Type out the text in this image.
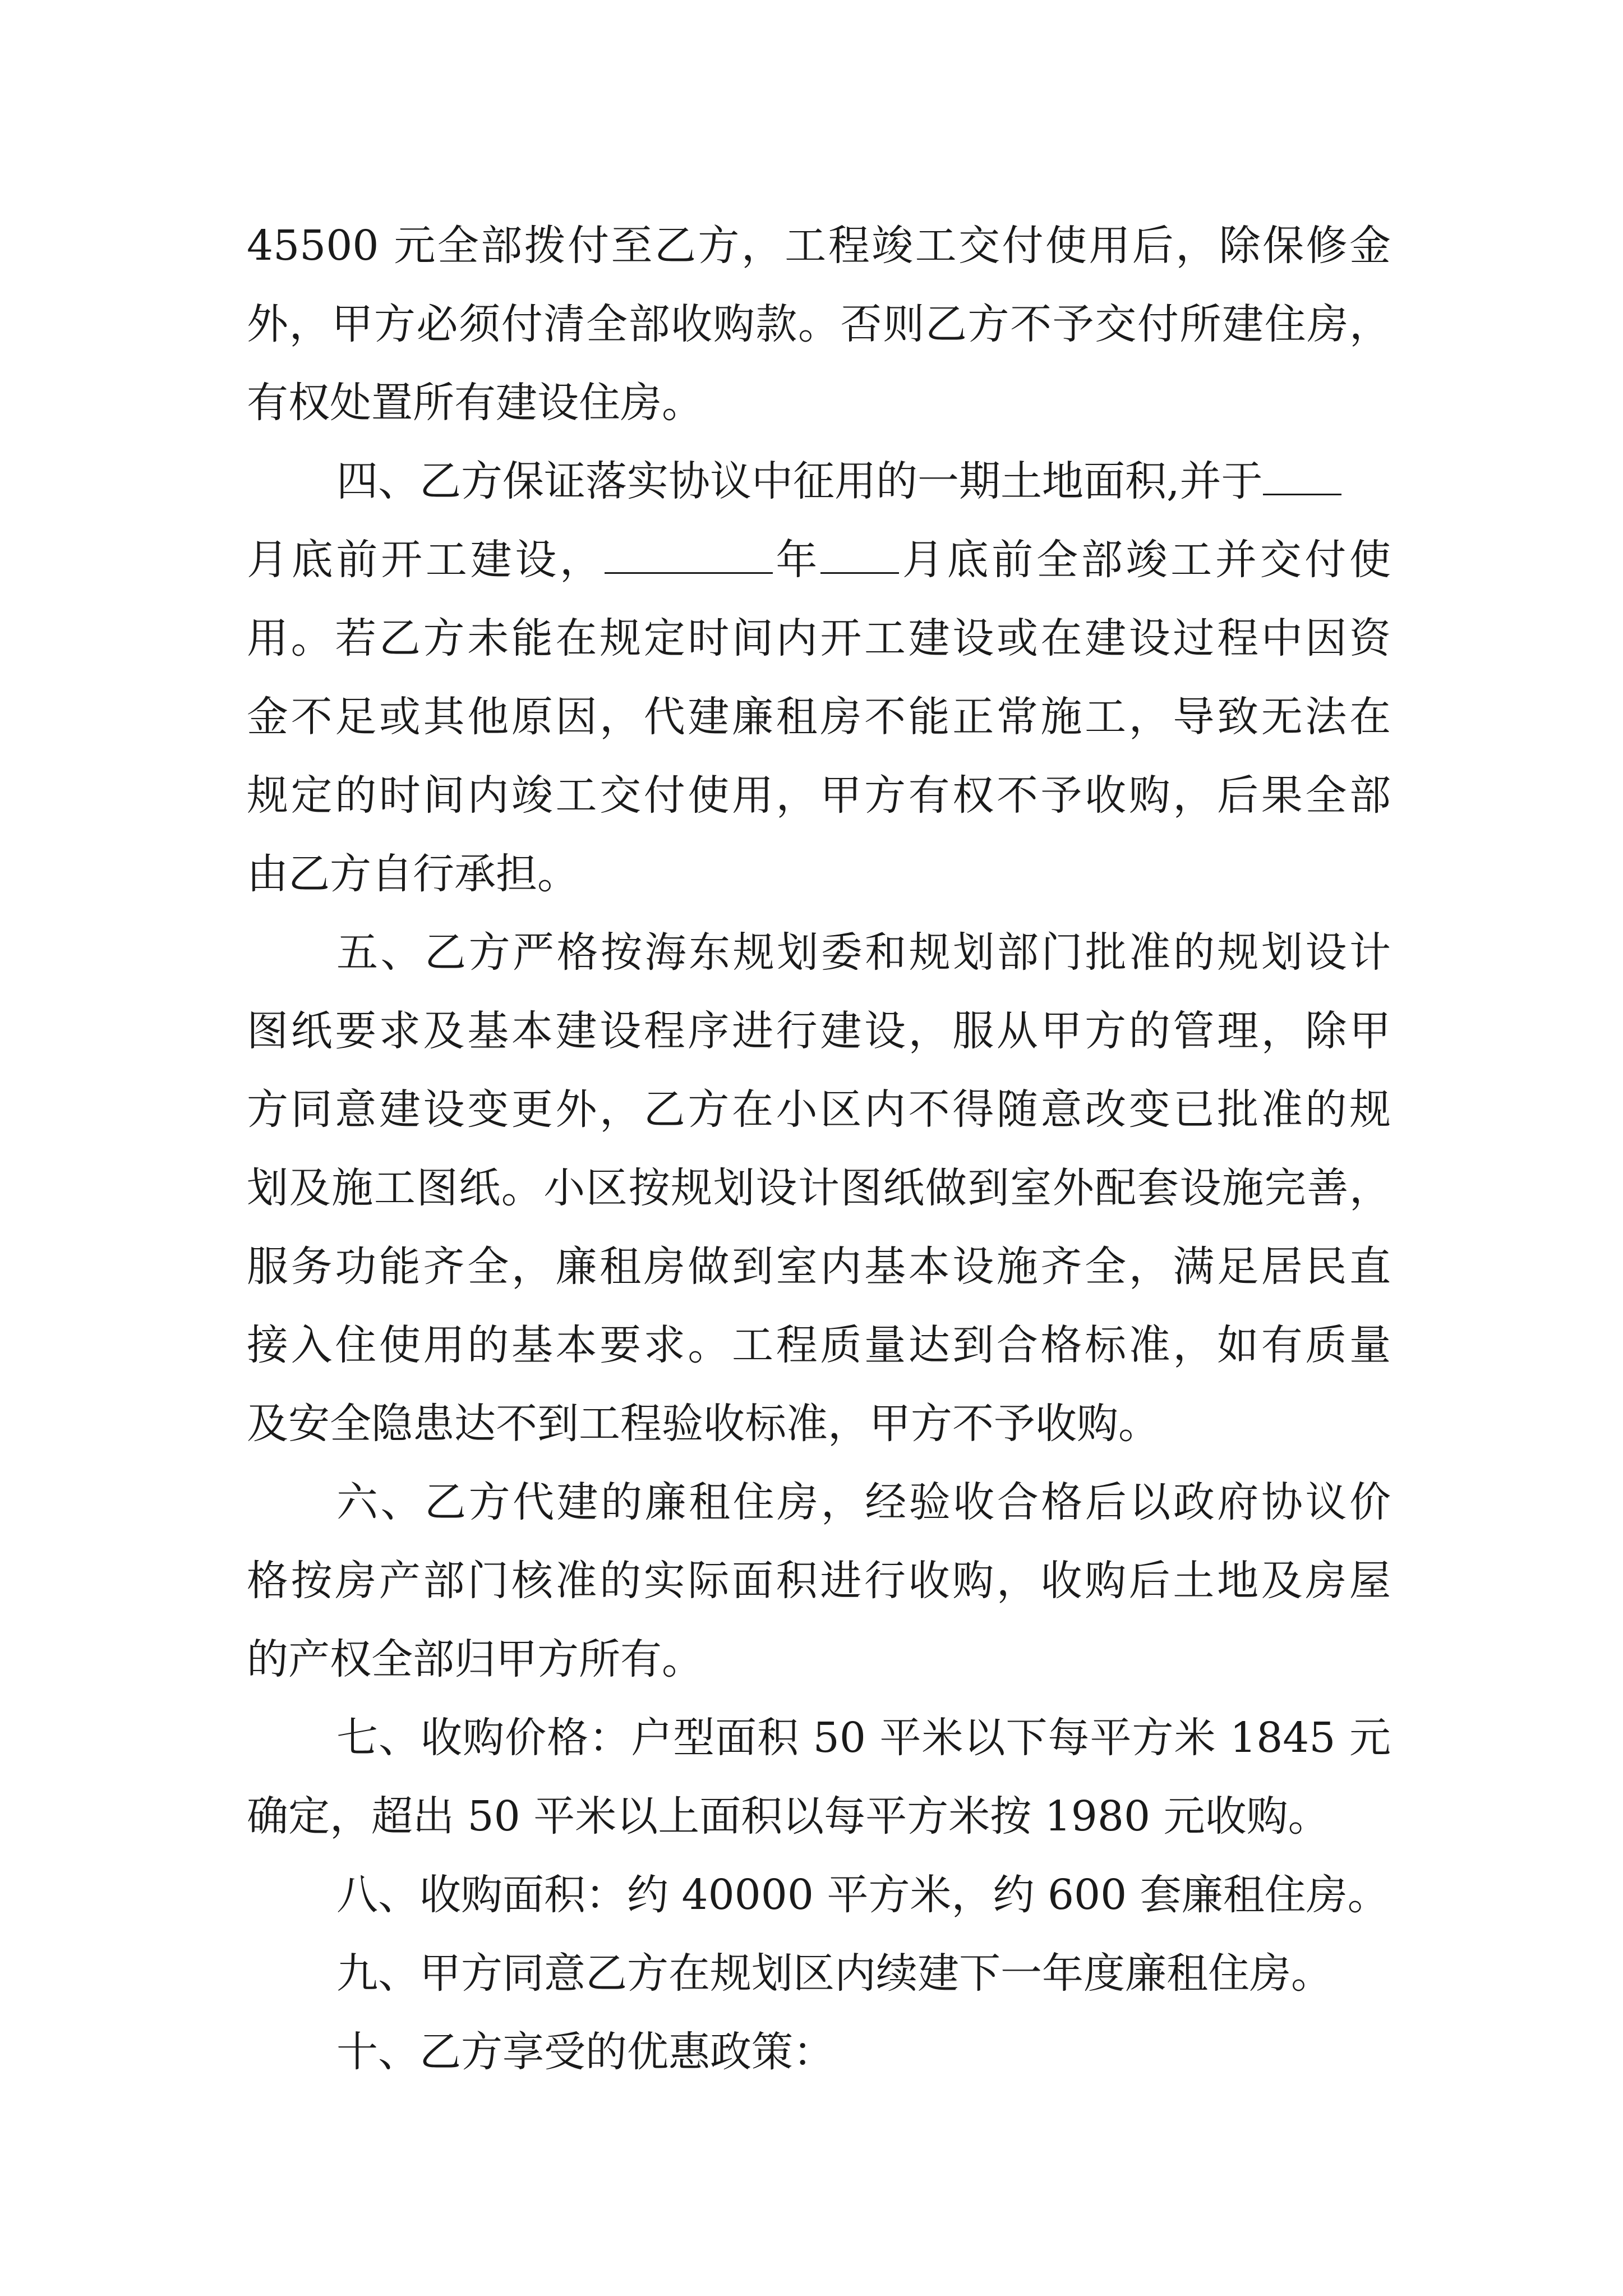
45500 元全部拨付至乙方，工程竣工交付使用后，除保修金
外，甲方必须付清全部收购款。否则乙方不予交付所建住房，
有权处置所有建设住房。
四、乙方保证落实协议中征用的一期土地面积,并于
月底前开工建设，	年 月底前全部竣工并交付使
用。若乙方未能在规定时间内开工建设或在建设过程中因资
金不足或其他原因，代建廉租房不能正常施工，导致无法在
规定的时间内竣工交付使用，甲方有权不予收购，后果全部
由乙方自行承担。
五、乙方严格按海东规划委和规划部门批准的规划设计
图纸要求及基本建设程序进行建设，服从甲方的管理，除甲
方同意建设变更外，乙方在小区内不得随意改变已批准的规
划及施工图纸。小区按规划设计图纸做到室外配套设施完善，
服务功能齐全，廉租房做到室内基本设施齐全，满足居民直
接入住使用的基本要求。工程质量达到合格标准，如有质量
及安全隐患达不到工程验收标准，甲方不予收购。
六、乙方代建的廉租住房，经验收合格后以政府协议价
格按房产部门核准的实际面积进行收购，收购后土地及房屋
的产权全部归甲方所有。
七、收购价格：户型面积 50 平米以下每平方米 1845 元
确定，超出 50 平米以上面积以每平方米按 1980 元收购。
八、收购面积：约 40000 平方米，约 600 套廉租住房。
九、甲方同意乙方在规划区内续建下一年度廉租住房。
十、乙方享受的优惠政策：
